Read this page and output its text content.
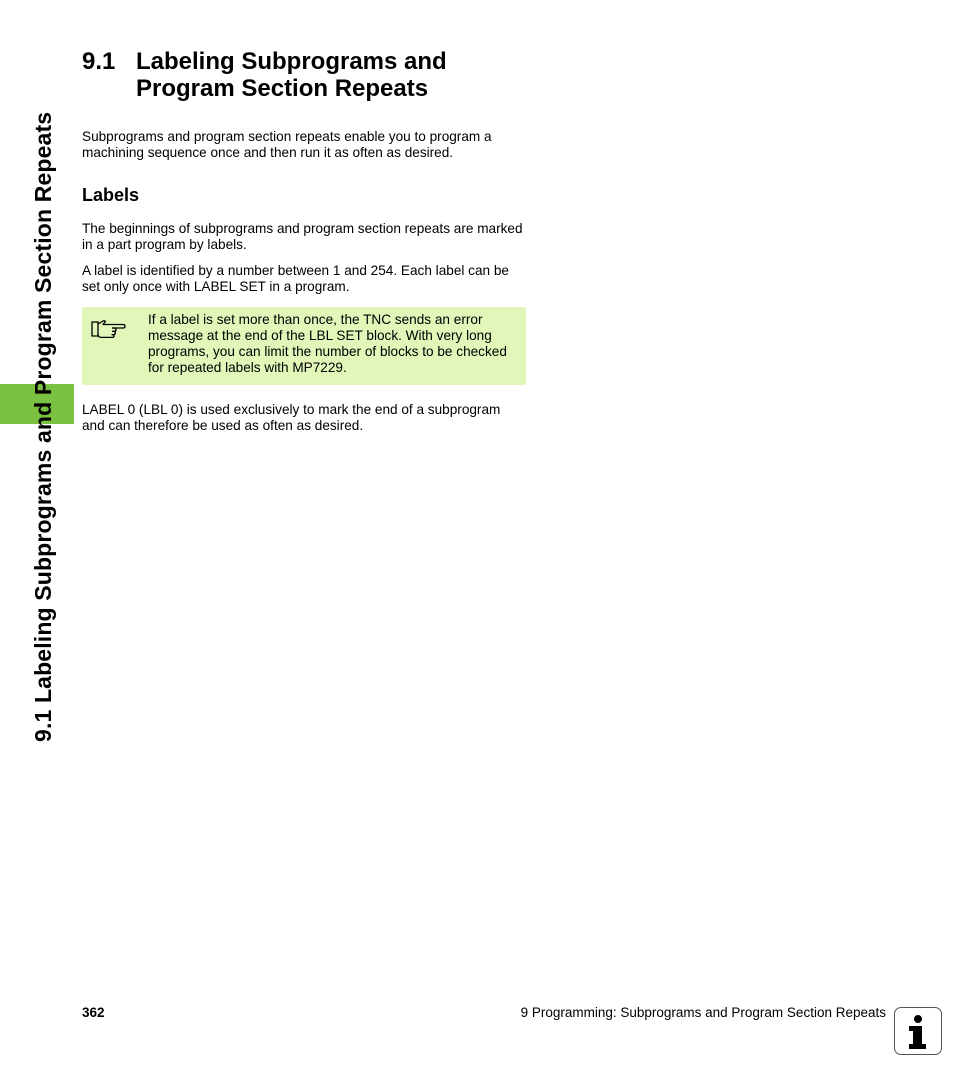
9.1 Labeling Subprograms and Program Section Repeats
9.1 Labeling Subprograms and Program Section Repeats

Subprograms and program section repeats enable you to program a machining sequence once and then run it as often as desired.

Labels

The beginnings of subprograms and program section repeats are marked in a part program by labels.

A label is identified by a number between 1 and 254. Each label can be set only once with LABEL SET in a program.

If a label is set more than once, the TNC sends an error message at the end of the LBL SET block. With very long programs, you can limit the number of blocks to be checked for repeated labels with MP7229.

LABEL 0 (LBL 0) is used exclusively to mark the end of a subprogram and can therefore be used as often as desired.

362	9 Programming: Subprograms and Program Section Repeats
